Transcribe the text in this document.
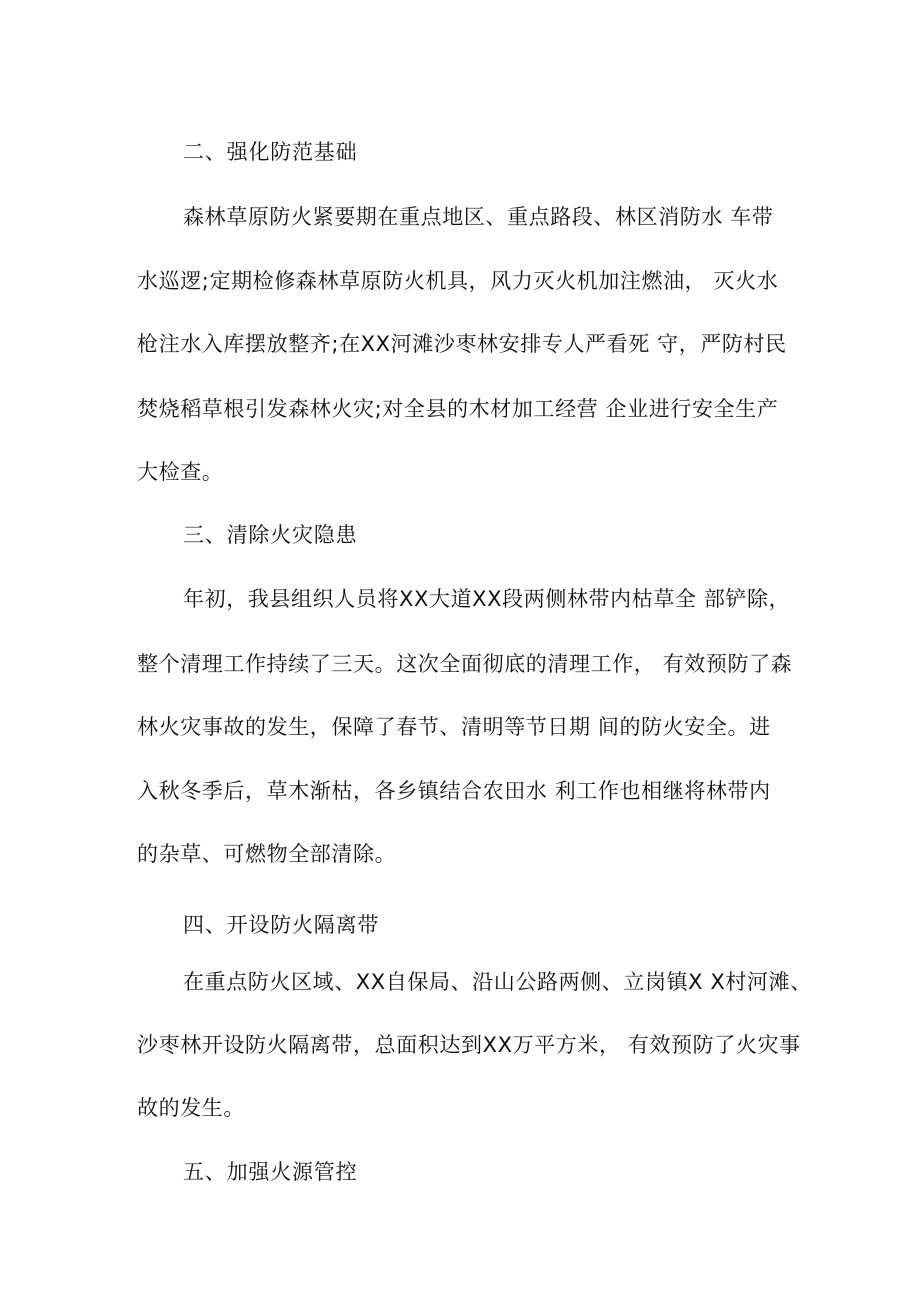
二、强化防范基础
森林草原防火紧要期在重点地区、重点路段、林区消防水 车带
水巡逻;定期检修森林草原防火机具，风力灭火机加注燃油， 灭火水
枪注水入库摆放整齐;在XX河滩沙枣林安排专人严看死 守，严防村民
焚烧稻草根引发森林火灾;对全县的木材加工经营 企业进行安全生产
大检查。
三、清除火灾隐患
年初，我县组织人员将XX大道XX段两侧林带内枯草全 部铲除，
整个清理工作持续了三天。这次全面彻底的清理工作， 有效预防了森
林火灾事故的发生，保障了春节、清明等节日期 间的防火安全。进
入秋冬季后，草木渐枯，各乡镇结合农田水 利工作也相继将林带内
的杂草、可燃物全部清除。
四、开设防火隔离带
在重点防火区域、XX自保局、沿山公路两侧、立岗镇X X村河滩、
沙枣林开设防火隔离带，总面积达到XX万平方米， 有效预防了火灾事
故的发生。
五、加强火源管控
